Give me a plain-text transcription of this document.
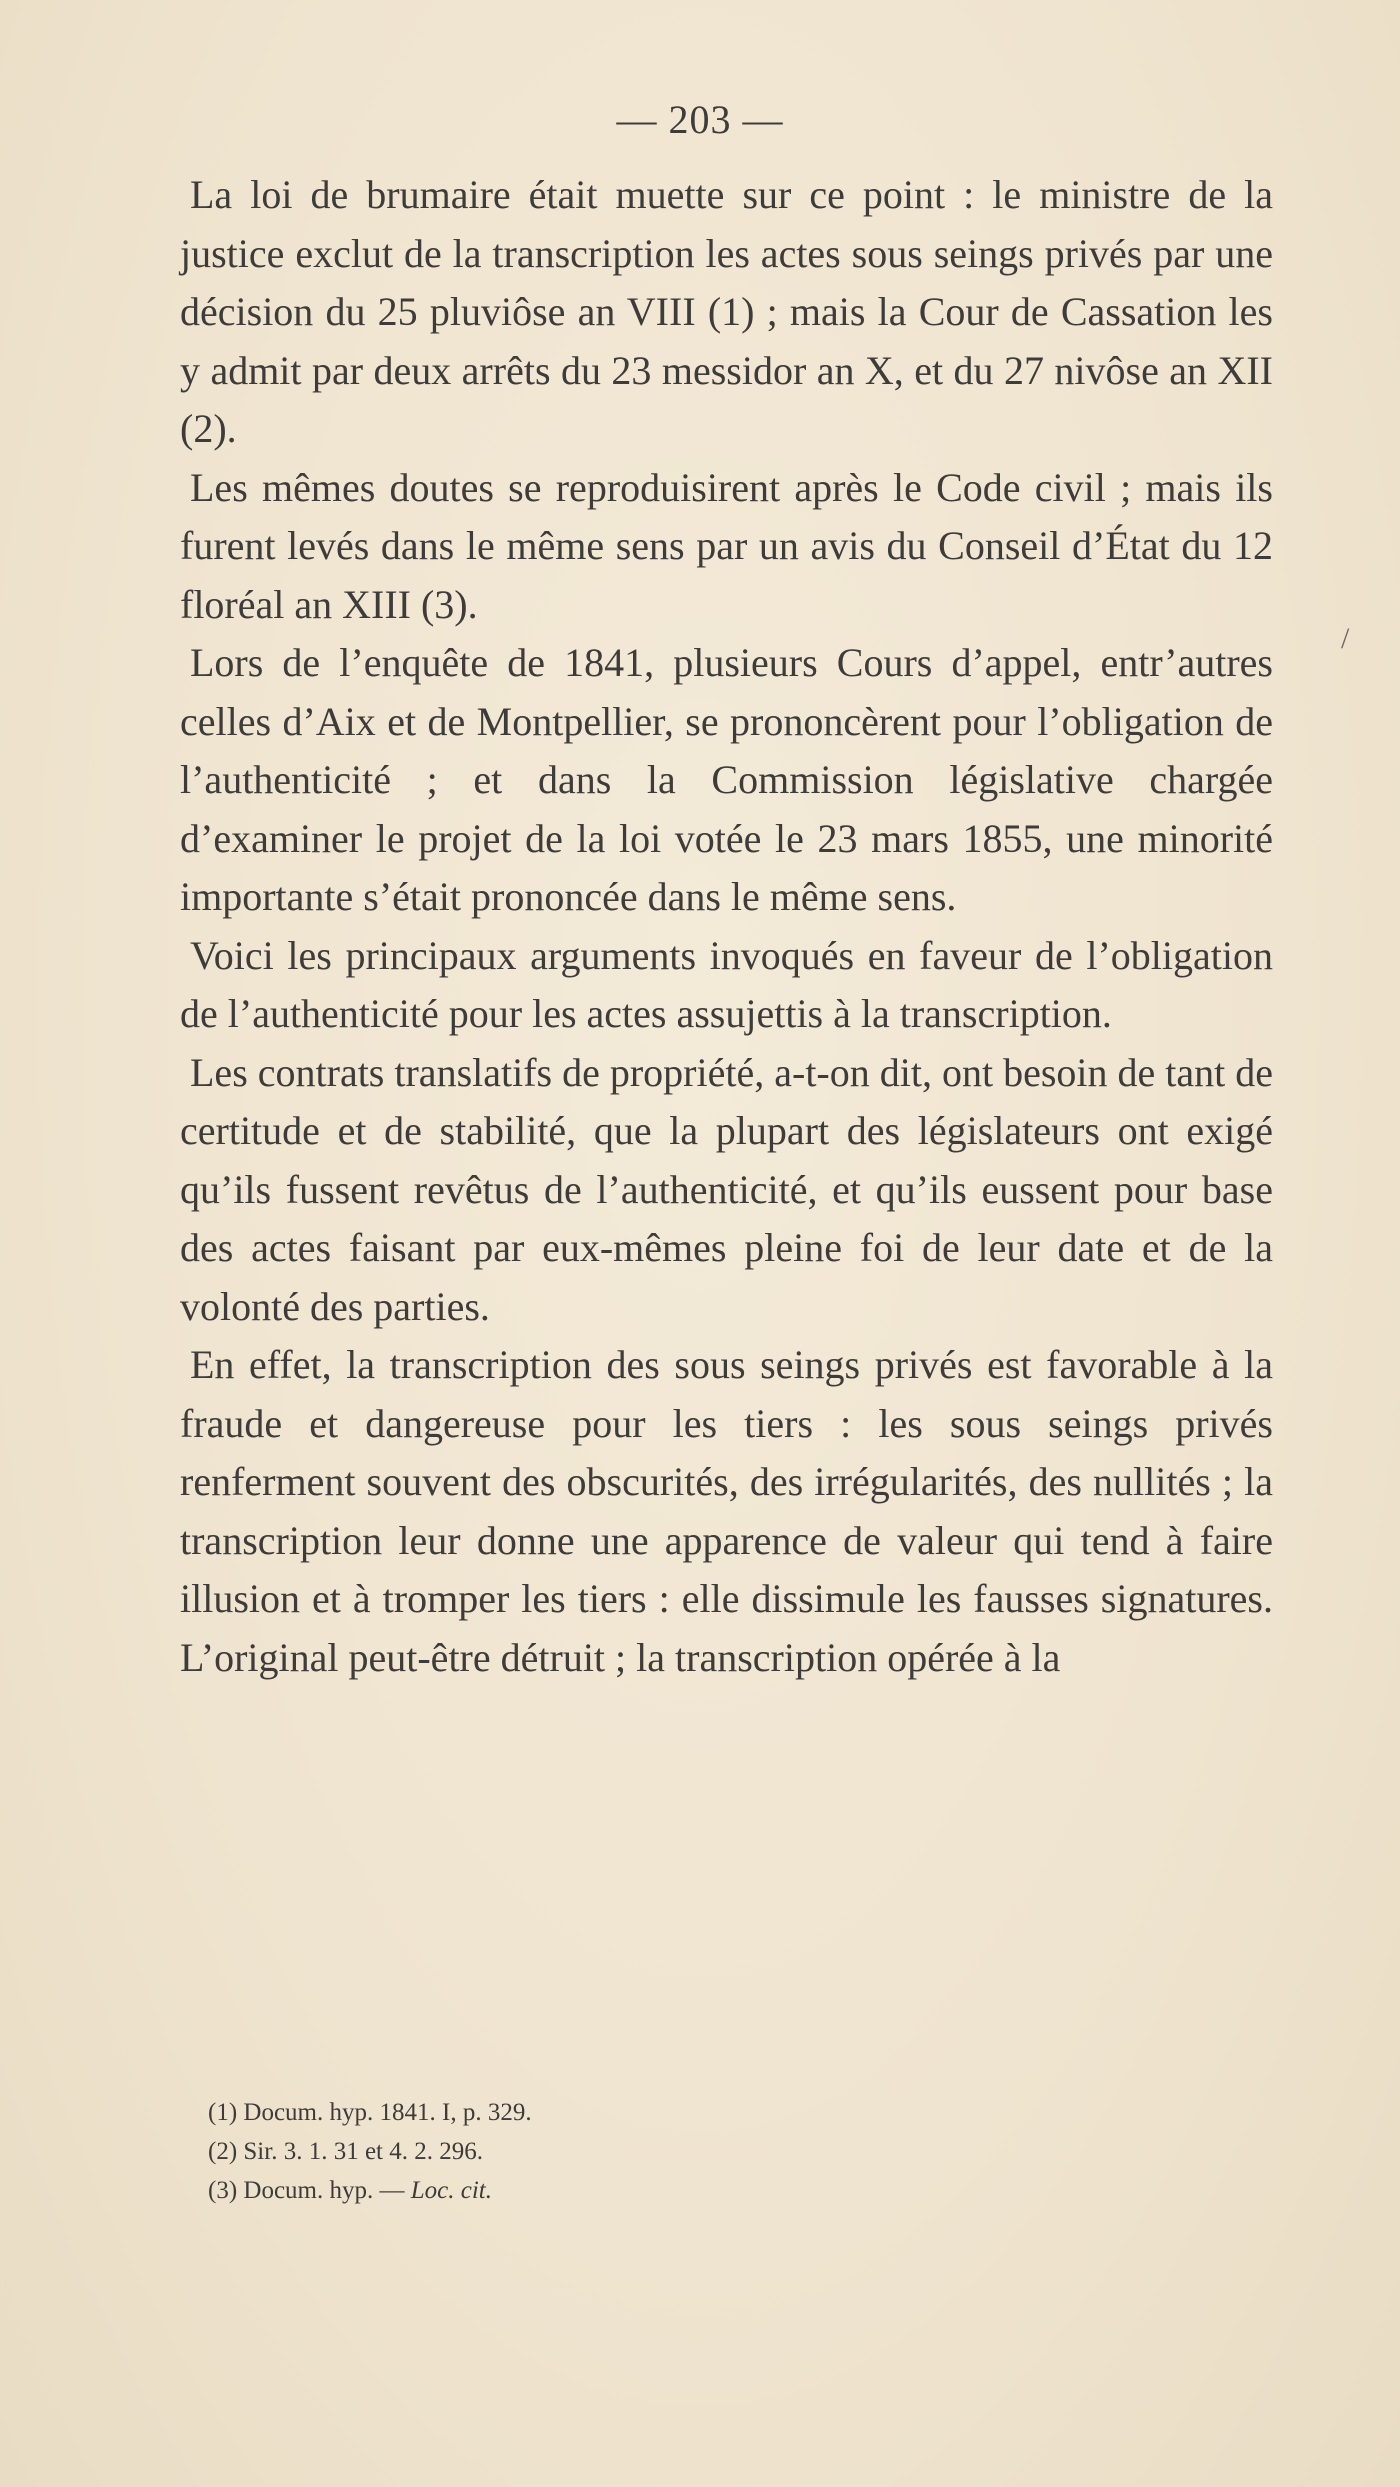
— 203 —

La loi de brumaire était muette sur ce point : le ministre de la justice exclut de la transcription les actes sous seings privés par une décision du 25 pluviôse an VIII (1) ; mais la Cour de Cassation les y admit par deux arrêts du 23 messidor an X, et du 27 nivôse an XII (2).

Les mêmes doutes se reproduisirent après le Code civil ; mais ils furent levés dans le même sens par un avis du Conseil d’État du 12 floréal an XIII (3).

Lors de l’enquête de 1841, plusieurs Cours d’appel, entr’autres celles d’Aix et de Montpellier, se prononcèrent pour l’obligation de l’authenticité ; et dans la Commission législative chargée d’examiner le projet de la loi votée le 23 mars 1855, une minorité importante s’était prononcée dans le même sens.

Voici les principaux arguments invoqués en faveur de l’obligation de l’authenticité pour les actes assujettis à la transcription.

Les contrats translatifs de propriété, a-t-on dit, ont besoin de tant de certitude et de stabilité, que la plupart des législateurs ont exigé qu’ils fussent revêtus de l’authenticité, et qu’ils eussent pour base des actes faisant par eux-mêmes pleine foi de leur date et de la volonté des parties.

En effet, la transcription des sous seings privés est favorable à la fraude et dangereuse pour les tiers : les sous seings privés renferment souvent des obscurités, des irrégularités, des nullités ; la transcription leur donne une apparence de valeur qui tend à faire illusion et à tromper les tiers : elle dissimule les fausses signatures. L’original peut-être détruit ; la transcription opérée à la

/

(1) Docum. hyp. 1841. I, p. 329.

(2) Sir. 3. 1. 31 et 4. 2. 296.

(3) Docum. hyp. — Loc. cit.
